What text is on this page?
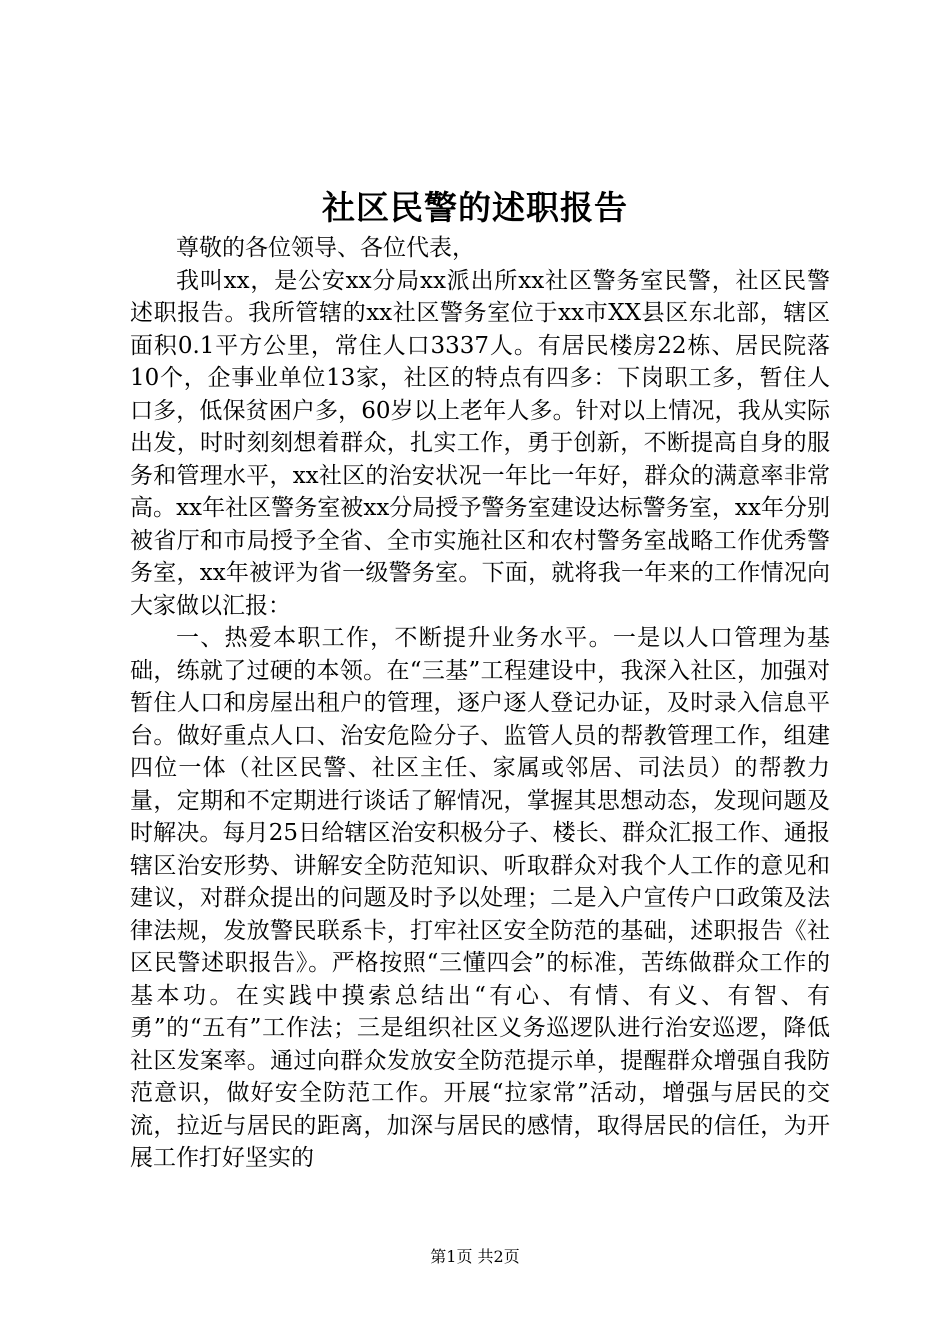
社区民警的述职报告

尊敬的各位领导、各位代表，

我叫xx，是公安xx分局xx派出所xx社区警务室民警，社区民警述职报告。我所管辖的xx社区警务室位于xx市XX县区东北部，辖区面积0.1平方公里，常住人口3337人。有居民楼房22栋、居民院落10个，企事业单位13家，社区的特点有四多：下岗职工多，暂住人口多，低保贫困户多，60岁以上老年人多。针对以上情况，我从实际出发，时时刻刻想着群众，扎实工作，勇于创新，不断提高自身的服务和管理水平，xx社区的治安状况一年比一年好，群众的满意率非常高。xx年社区警务室被xx分局授予警务室建设达标警务室，xx年分别被省厅和市局授予全省、全市实施社区和农村警务室战略工作优秀警务室，xx年被评为省一级警务室。下面，就将我一年来的工作情况向大家做以汇报：

一、热爱本职工作，不断提升业务水平。一是以人口管理为基础，练就了过硬的本领。在“三基”工程建设中，我深入社区，加强对暂住人口和房屋出租户的管理，逐户逐人登记办证，及时录入信息平台。做好重点人口、治安危险分子、监管人员的帮教管理工作，组建四位一体（社区民警、社区主任、家属或邻居、司法员）的帮教力量，定期和不定期进行谈话了解情况，掌握其思想动态，发现问题及时解决。每月25日给辖区治安积极分子、楼长、群众汇报工作、通报辖区治安形势、讲解安全防范知识、听取群众对我个人工作的意见和建议，对群众提出的问题及时予以处理；二是入户宣传户口政策及法律法规，发放警民联系卡，打牢社区安全防范的基础，述职报告《社区民警述职报告》。严格按照“三懂四会”的标准，苦练做群众工作的基本功。在实践中摸索总结出“有心、有情、有义、有智、有勇”的“五有”工作法；三是组织社区义务巡逻队进行治安巡逻，降低社区发案率。通过向群众发放安全防范提示单，提醒群众增强自我防范意识，做好安全防范工作。开展“拉家常”活动，增强与居民的交流，拉近与居民的距离，加深与居民的感情，取得居民的信任，为开展工作打好坚实的

第1页 共2页
